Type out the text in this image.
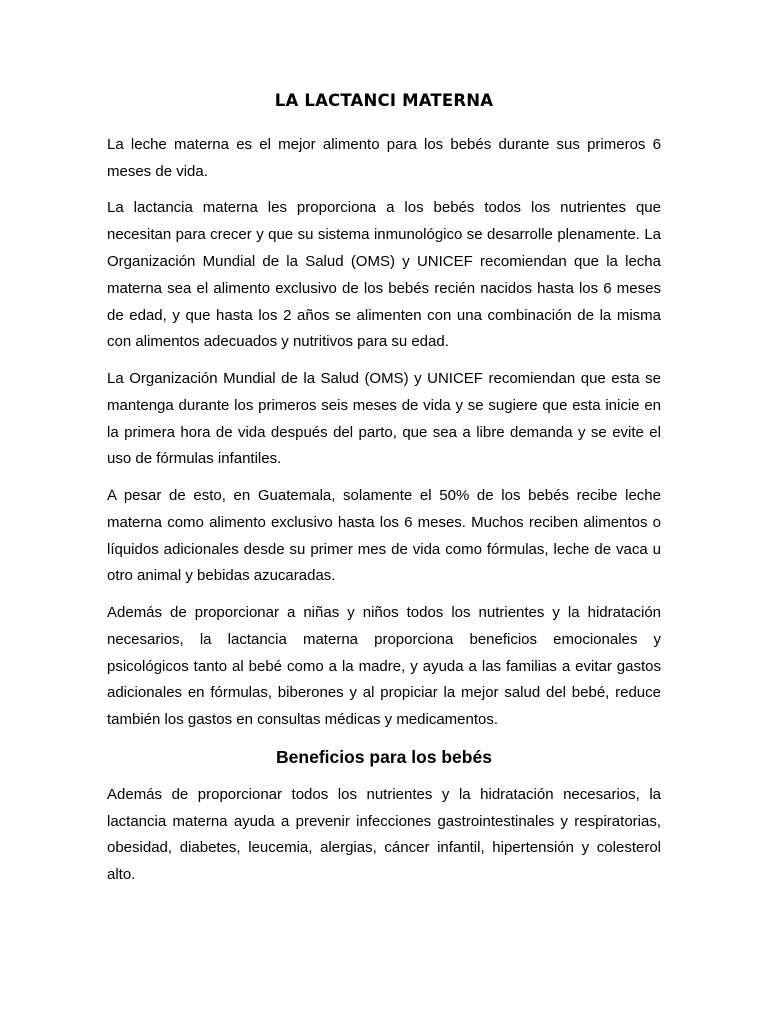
LA LACTANCI MATERNA

La leche materna es el mejor alimento para los bebés durante sus primeros 6 meses de vida.

La lactancia materna les proporciona a los bebés todos los nutrientes que necesitan para crecer y que su sistema inmunológico se desarrolle plenamente. La Organización Mundial de la Salud (OMS) y UNICEF recomiendan que la lecha materna sea el alimento exclusivo de los bebés recién nacidos hasta los 6 meses de edad, y que hasta los 2 años se alimenten con una combinación de la misma con alimentos adecuados y nutritivos para su edad.

La Organización Mundial de la Salud (OMS) y UNICEF recomiendan que esta se mantenga durante los primeros seis meses de vida y se sugiere que esta inicie en la primera hora de vida después del parto, que sea a libre demanda y se evite el uso de fórmulas infantiles.

A pesar de esto, en Guatemala, solamente el 50% de los bebés recibe leche materna como alimento exclusivo hasta los 6 meses. Muchos reciben alimentos o líquidos adicionales desde su primer mes de vida como fórmulas, leche de vaca u otro animal y bebidas azucaradas.

Además de proporcionar a niñas y niños todos los nutrientes y la hidratación necesarios, la lactancia materna proporciona beneficios emocionales y psicológicos tanto al bebé como a la madre, y ayuda a las familias a evitar gastos adicionales en fórmulas, biberones y al propiciar la mejor salud del bebé, reduce también los gastos en consultas médicas y medicamentos.

Beneficios para los bebés

Además de proporcionar todos los nutrientes y la hidratación necesarios, la lactancia materna ayuda a prevenir infecciones gastrointestinales y respiratorias, obesidad, diabetes, leucemia, alergias, cáncer infantil, hipertensión y colesterol alto.
